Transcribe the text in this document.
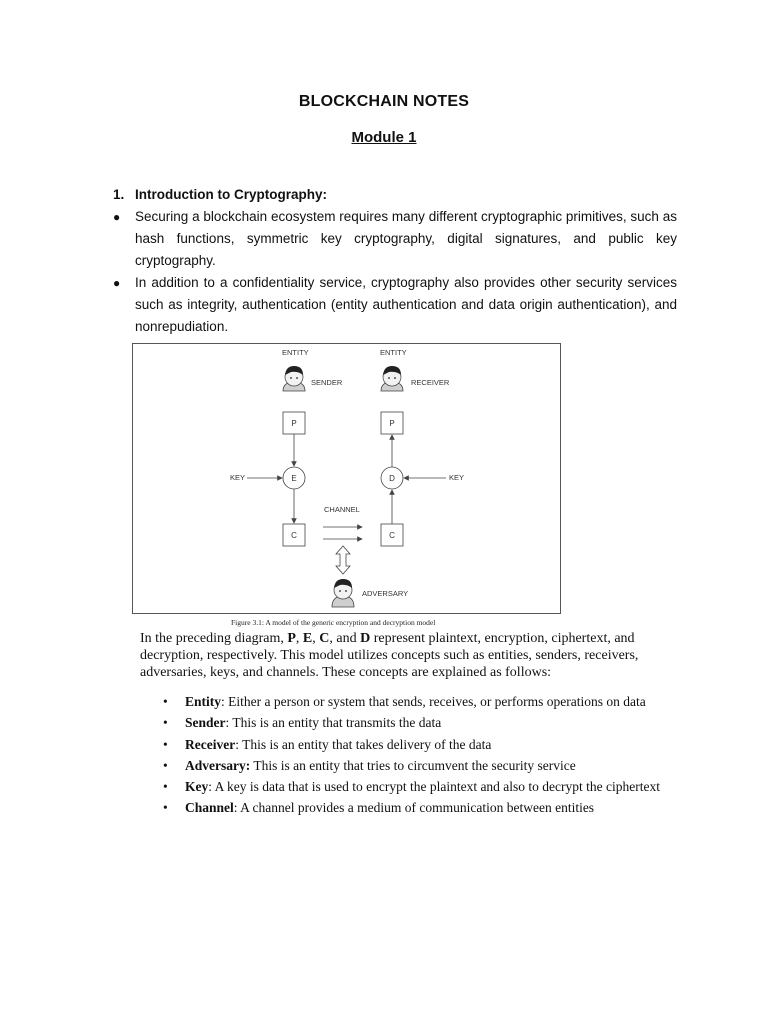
BLOCKCHAIN NOTES
Module 1
1. Introduction to Cryptography:
● Securing a blockchain ecosystem requires many different cryptographic primitives, such as hash functions, symmetric key cryptography, digital signatures, and public key cryptography.
● In addition to a confidentiality service, cryptography also provides other security services such as integrity, authentication (entity authentication and data origin authentication), and nonrepudiation.
ENTITY	ENTITY
SENDER	RECEIVER
KEY	KEY
CHANNEL
ADVERSARY
P	P
E	D
C	C
Figure 3.1: A model of the generic encryption and decryption model
In the preceding diagram, P, E, C, and D represent plaintext, encryption, ciphertext, and decryption, respectively. This model utilizes concepts such as entities, senders, receivers, adversaries, keys, and channels. These concepts are explained as follows:
• Entity: Either a person or system that sends, receives, or performs operations on data
• Sender: This is an entity that transmits the data
• Receiver: This is an entity that takes delivery of the data
• Adversary: This is an entity that tries to circumvent the security service
• Key: A key is data that is used to encrypt the plaintext and also to decrypt the ciphertext
• Channel: A channel provides a medium of communication between entities
